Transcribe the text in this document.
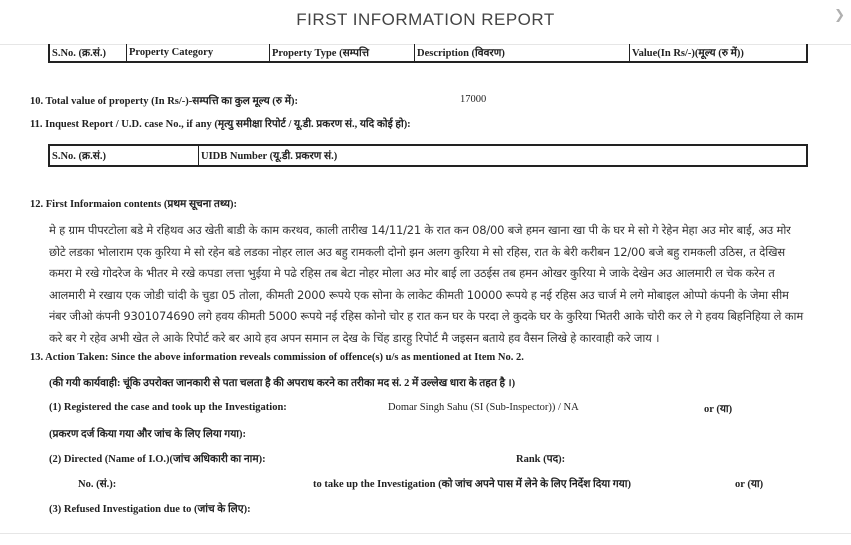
FIRST INFORMATION REPORT	❯
S.No. (क्र.सं.)	Property Category	Property Type (सम्पत्ति	Description (विवरण)	Value(In Rs/-)(मूल्य (रु में))
10. Total value of property (In Rs/-)-सम्पत्ति का कुल मूल्य (रु में):	17000
11. Inquest Report / U.D. case No., if any (मृत्यु समीक्षा रिपोर्ट / यू.डी. प्रकरण सं., यदि कोई हो):
S.No. (क्र.सं.)	UIDB Number (यू.डी. प्रकरण सं.)
12. First Informaion contents (प्रथम सूचना तथ्य):
मे ह ग्राम पीपरटोला बडे मे रहिथव अउ खेती बाडी के काम करथव, काली तारीख 14/11/21 के रात कन 08/00 बजे हमन खाना खा पी के घर मे सो गे रेहेन मेहा अउ मोर बाई, अउ मोर छोटे लडका भोलाराम एक कुरिया मे सो रहेन बडे लडका नोहर लाल अउ बहु रामकली दोनो झन अलग कुरिया मे सो रहिस, रात के बेरी करीबन 12/00 बजे बहु रामकली उठिस, त देखिस कमरा मे रखे गोदरेज के भीतर मे रखे कपडा लत्ता भुईया मे पढे रहिस तब बेटा नोहर मोला अउ मोर बाई ला उठईस तब हमन ओखर कुरिया मे जाके देखेन अउ आलमारी ल चेक करेन त आलमारी मे रखाय एक जोडी चांदी के चुडा 05 तोला, कीमती 2000 रूपये एक सोना के लाकेट कीमती 10000 रूपये ह नई रहिस अउ चार्ज मे लगे मोबाइल ओप्पो कंपनी के जेमा सीम नंबर जीओ कंपनी 9301074690 लगे हवय कीमती 5000 रूपये नई रहिस कोनो चोर ह रात कन घर के परदा ले कुदके घर के कुरिया भितरी आके चोरी कर ले गे हवय बिहनिहिया ले काम करे बर गे रहेव अभी खेत ले आके रिपोर्ट करे बर आये हव अपन समान ल देख के चिंह डारहु रिपोर्ट मै जइसन बताये हव वैसन लिखे हे कारवाही करे जाय ।
13. Action Taken: Since the above information reveals commission of offence(s) u/s as mentioned at Item No. 2.
(की गयी कार्यवाही: चूंकि उपरोक्त जानकारी से पता चलता है की अपराध करने का तरीका मद सं. 2 में उल्लेख धारा के तहत है ।)
(1) Registered the case and took up the Investigation:	Domar Singh Sahu (SI (Sub-Inspector)) / NA	or (या)
(प्रकरण दर्ज किया गया और जांच के लिए लिया गया):
(2) Directed (Name of I.O.)(जांच अधिकारी का नाम):	Rank (पद):
No. (सं.):	to take up the Investigation (को जांच अपने पास में लेने के लिए निर्देश दिया गया)	or (या)
(3) Refused Investigation due to (जांच के लिए):
